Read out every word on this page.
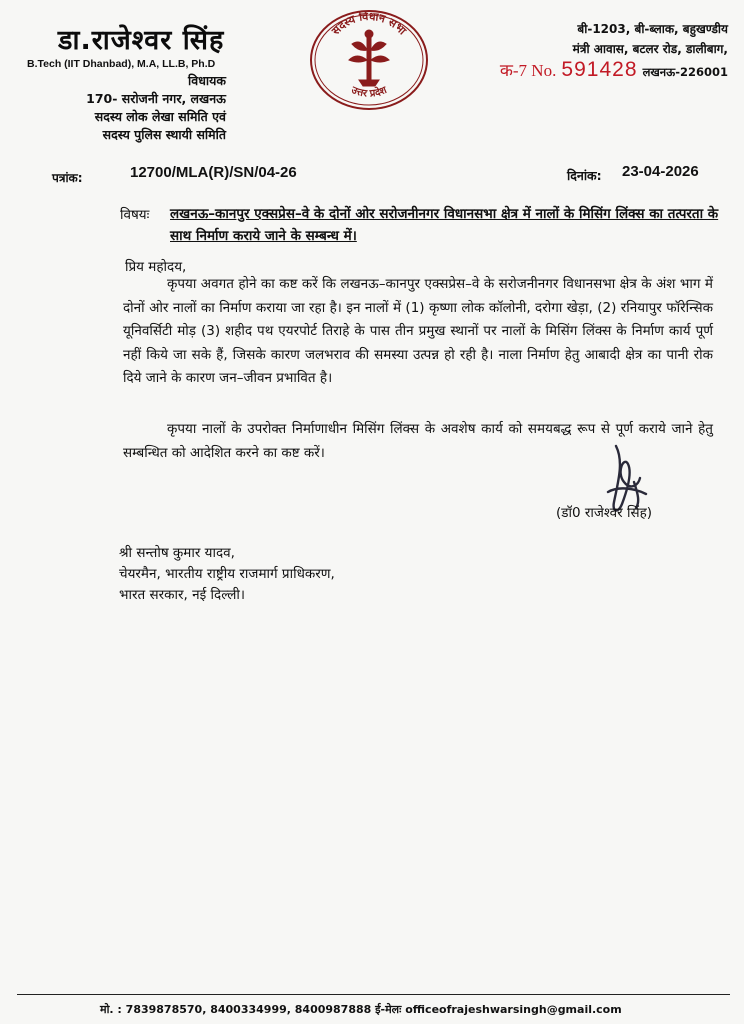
डा.राजेश्वर सिंह
B.Tech (IIT Dhanbad), M.A, LL.B, Ph.D
विधायक
170- सरोजनी नगर, लखनऊ
सदस्य लोक लेखा समिति एवं
सदस्य पुलिस स्थायी समिति
सदस्य विधान सभा
उत्तर प्रदेश
बी-1203, बी-ब्लाक, बहुखण्डीय
मंत्री आवास, बटलर रोड, डालीबाग,
क-7 No. 591428 लखनऊ-226001
पत्रांक:	12700/MLA(R)/SN/04-26	दिनांक: 23-04-2026
विषयः लखनऊ–कानपुर एक्सप्रेस–वे के दोनों ओर सरोजनीनगर विधानसभा क्षेत्र में नालों के मिसिंग लिंक्स का तत्परता के साथ निर्माण कराये जाने के सम्बन्ध में।
प्रिय महोदय,
कृपया अवगत होने का कष्ट करें कि लखनऊ–कानपुर एक्सप्रेस–वे के सरोजनीनगर विधानसभा क्षेत्र के अंश भाग में दोनों ओर नालों का निर्माण कराया जा रहा है। इन नालों में (1) कृष्णा लोक कॉलोनी, दरोगा खेड़ा, (2) रनियापुर फॉरेन्सिक यूनिवर्सिटी मोड़ (3) शहीद पथ एयरपोर्ट तिराहे के पास तीन प्रमुख स्थानों पर नालों के मिसिंग लिंक्स के निर्माण कार्य पूर्ण नहीं किये जा सके हैं, जिसके कारण जलभराव की समस्या उत्पन्न हो रही है। नाला निर्माण हेतु आबादी क्षेत्र का पानी रोक दिये जाने के कारण जन–जीवन प्रभावित है।
कृपया नालों के उपरोक्त निर्माणाधीन मिसिंग लिंक्स के अवशेष कार्य को समयबद्ध रूप से पूर्ण कराये जाने हेतु सम्बन्धित को आदेशित करने का कष्ट करें।
(डॉ0 राजेश्वर सिंह)
श्री सन्तोष कुमार यादव,
चेयरमैन, भारतीय राष्ट्रीय राजमार्ग प्राधिकरण,
भारत सरकार, नई दिल्ली।
मो. : 7839878570, 8400334999, 8400987888 ई-मेलः officeofrajeshwarsingh@gmail.com
